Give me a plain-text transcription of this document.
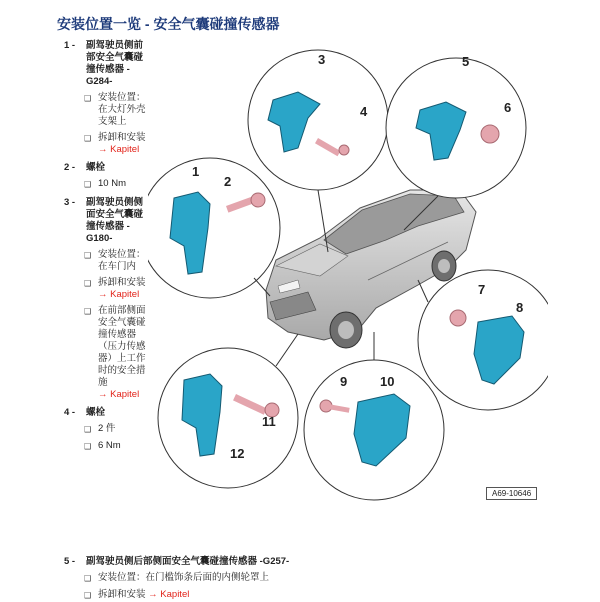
安装位置一览 - 安全气囊碰撞传感器
1 -	副驾驶员侧前部安全气囊碰撞传感器 -G284-
❑ 安装位置：在大灯外壳支架上
❑ 拆卸和安装
→ Kapitel
2 -	螺栓
❑ 10 Nm
3 -	副驾驶员侧侧面安全气囊碰撞传感器 -G180-
❑ 安装位置：在车门内
❑ 拆卸和安装
→ Kapitel
❑ 在前部侧面安全气囊碰撞传感器（压力传感器）上工作时的安全措施
→ Kapitel
4 -	螺栓
❑ 2 件
❑ 6 Nm
5 -	副驾驶员侧后部侧面安全气囊碰撞传感器 -G257-
❑ 安装位置：在门槛饰条后面的内侧轮罩上
❑ 拆卸和安装 → Kapitel
1
2
3
4
5
6
7
8
9	10
11
12
A69-10646
